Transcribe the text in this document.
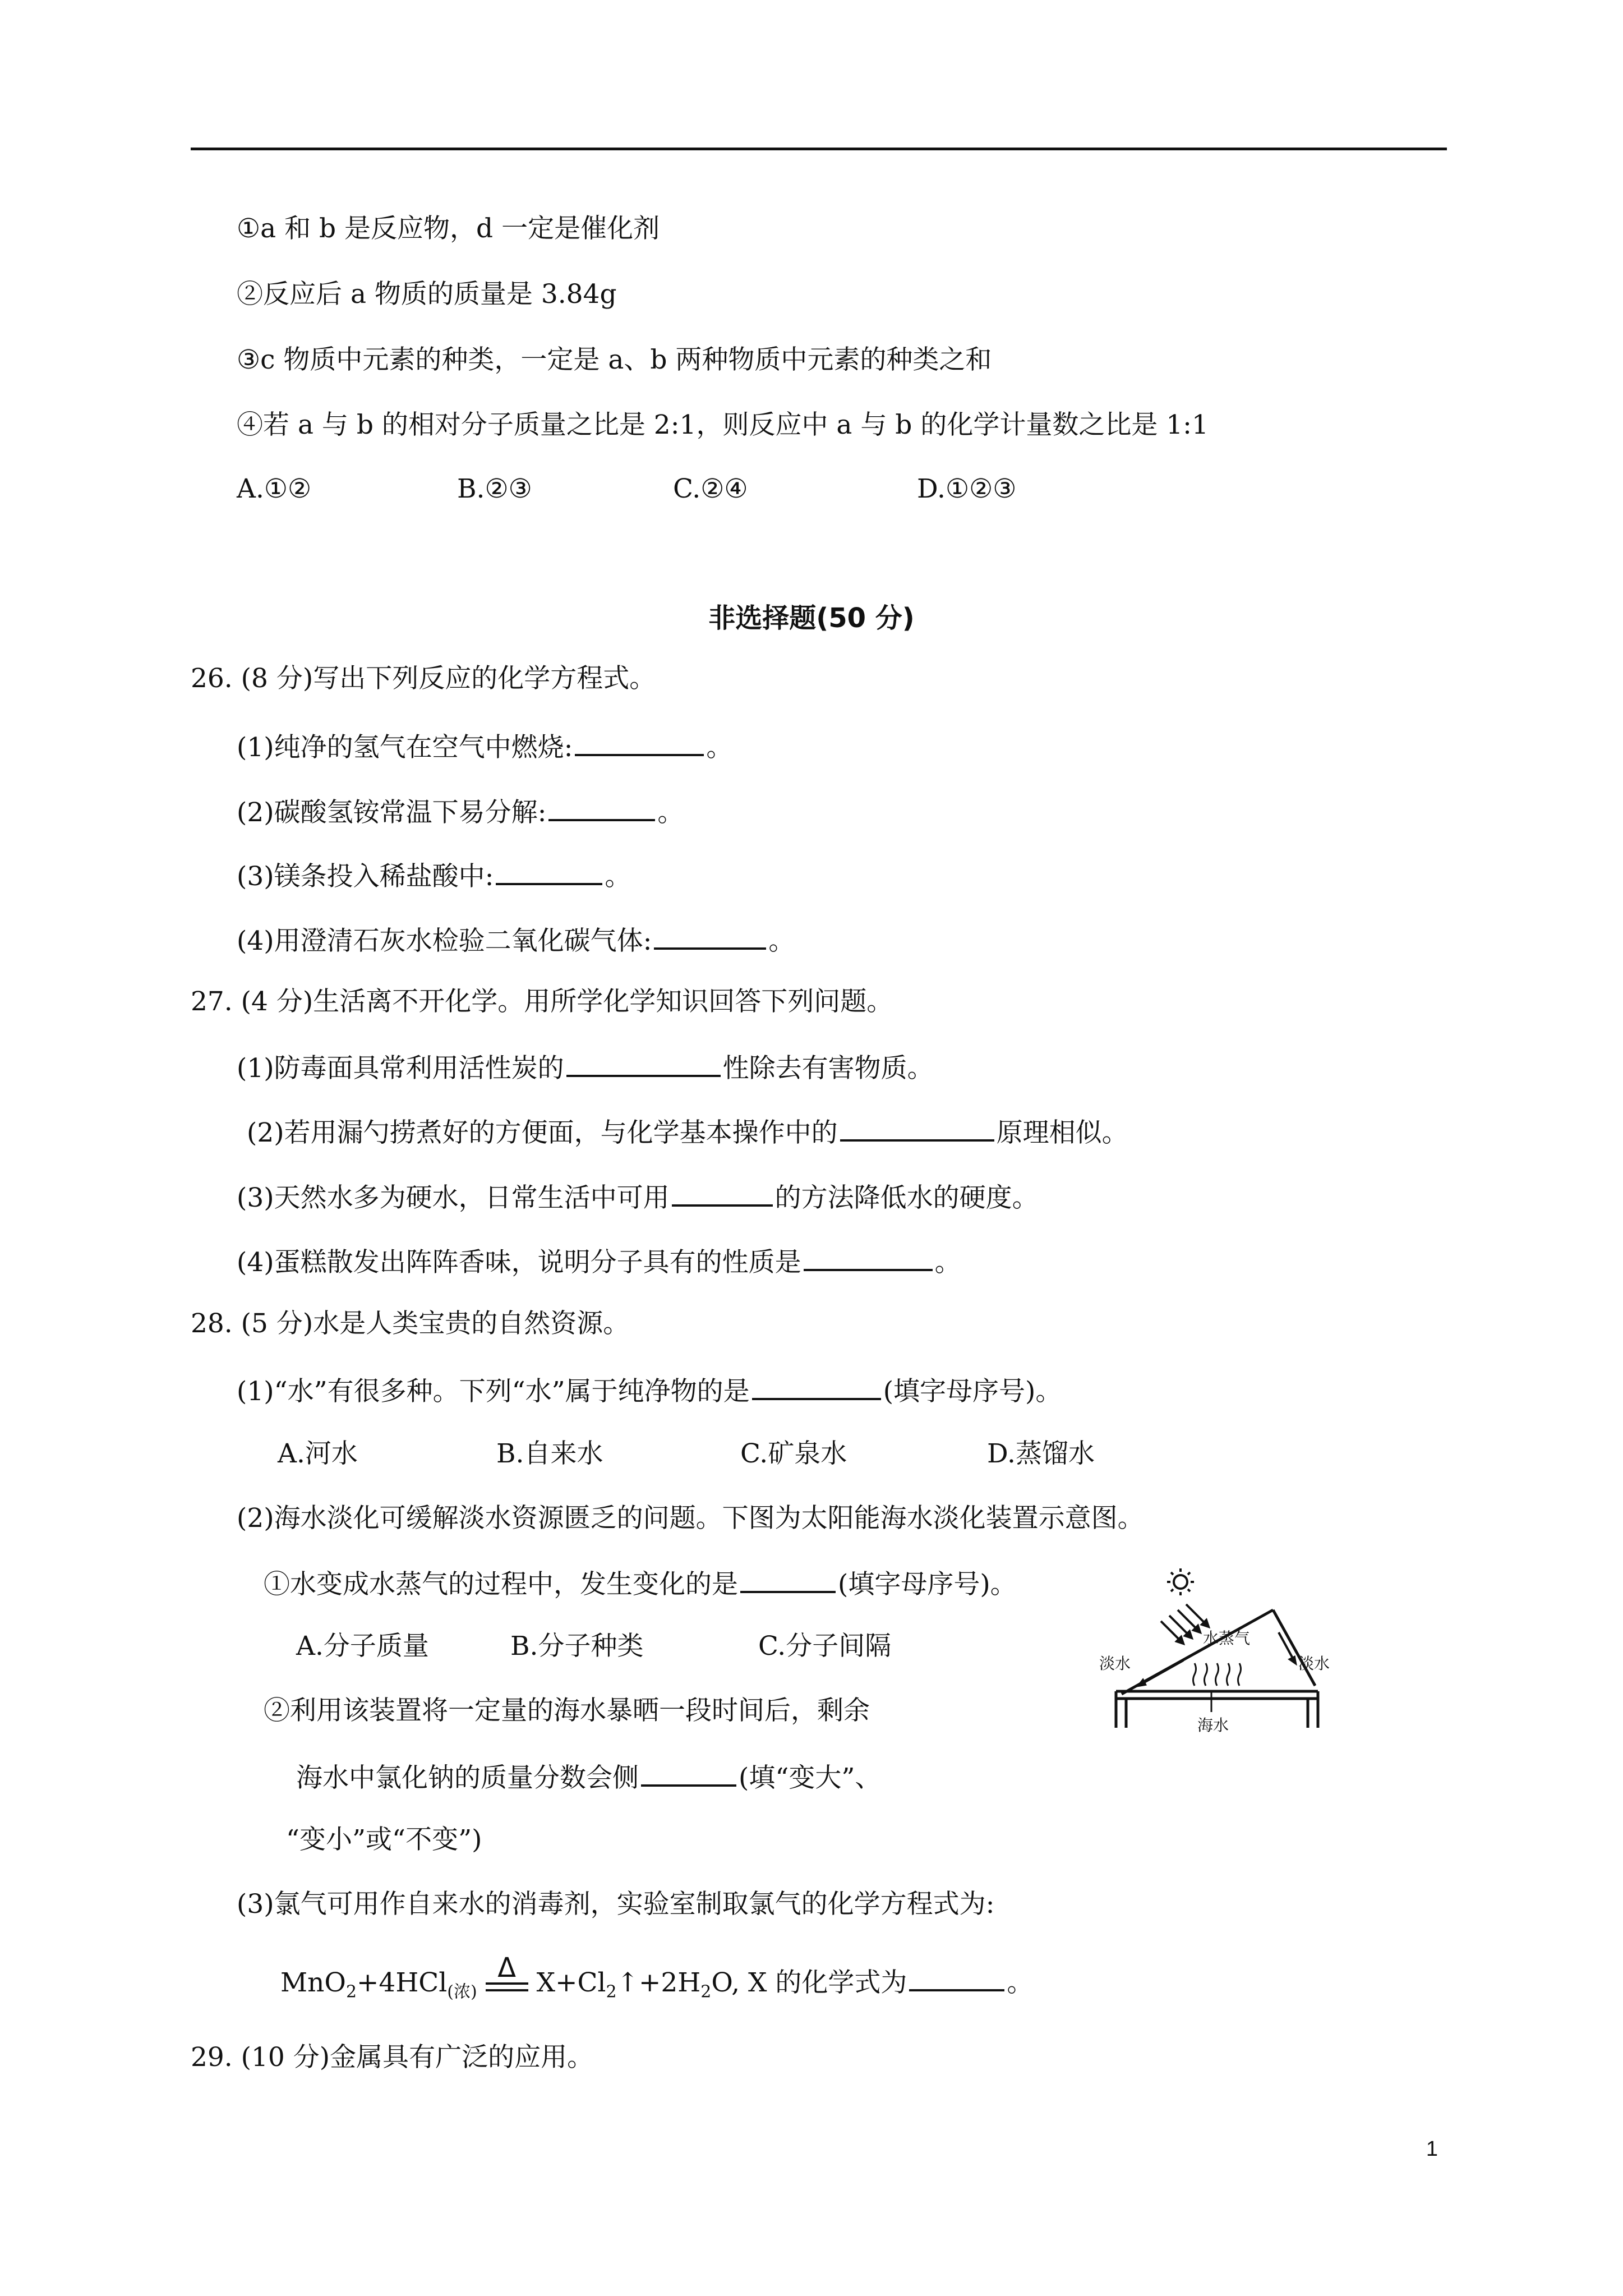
①a 和 b 是反应物，d 一定是催化剂
②反应后 a 物质的质量是 3.84g
③c 物质中元素的种类，一定是 a、b 两种物质中元素的种类之和
④若 a 与 b 的相对分子质量之比是 2:1，则反应中 a 与 b 的化学计量数之比是 1:1
A.①②	B.②③	C.②④	D.①②③
非选择题(50 分)
26. (8 分)写出下列反应的化学方程式。
(1)纯净的氢气在空气中燃烧:	。
(2)碳酸氢铵常温下易分解:	。
(3)镁条投入稀盐酸中:	。
(4)用澄清石灰水检验二氧化碳气体:	。
27. (4 分)生活离不开化学。用所学化学知识回答下列问题。
(1)防毒面具常利用活性炭的	性除去有害物质。
(2)若用漏勺捞煮好的方便面，与化学基本操作中的	原理相似。
(3)天然水多为硬水，日常生活中可用	的方法降低水的硬度。
(4)蛋糕散发出阵阵香味，说明分子具有的性质是	。
28. (5 分)水是人类宝贵的自然资源。
(1)“水”有很多种。下列“水”属于纯净物的是	(填字母序号)。
A.河水	B.自来水	C.矿泉水	D.蒸馏水
(2)海水淡化可缓解淡水资源匮乏的问题。下图为太阳能海水淡化装置示意图。
①水变成水蒸气的过程中，发生变化的是	(填字母序号)。
A.分子质量	B.分子种类	C.分子间隔
②利用该装置将一定量的海水暴晒一段时间后，剩余
海水中氯化钠的质量分数会侧	(填“变大”、
“变小”或“不变”)
(3)氯气可用作自来水的消毒剂，实验室制取氯气的化学方程式为:
MnO$_2$+4HCl$_{(浓)}$
Δ $X+Cl_2↑+2H_2O$, X 的化学式为	。
29. (10 分)金属具有广泛的应用。
淡水	淡水
水蒸气
海水
1
